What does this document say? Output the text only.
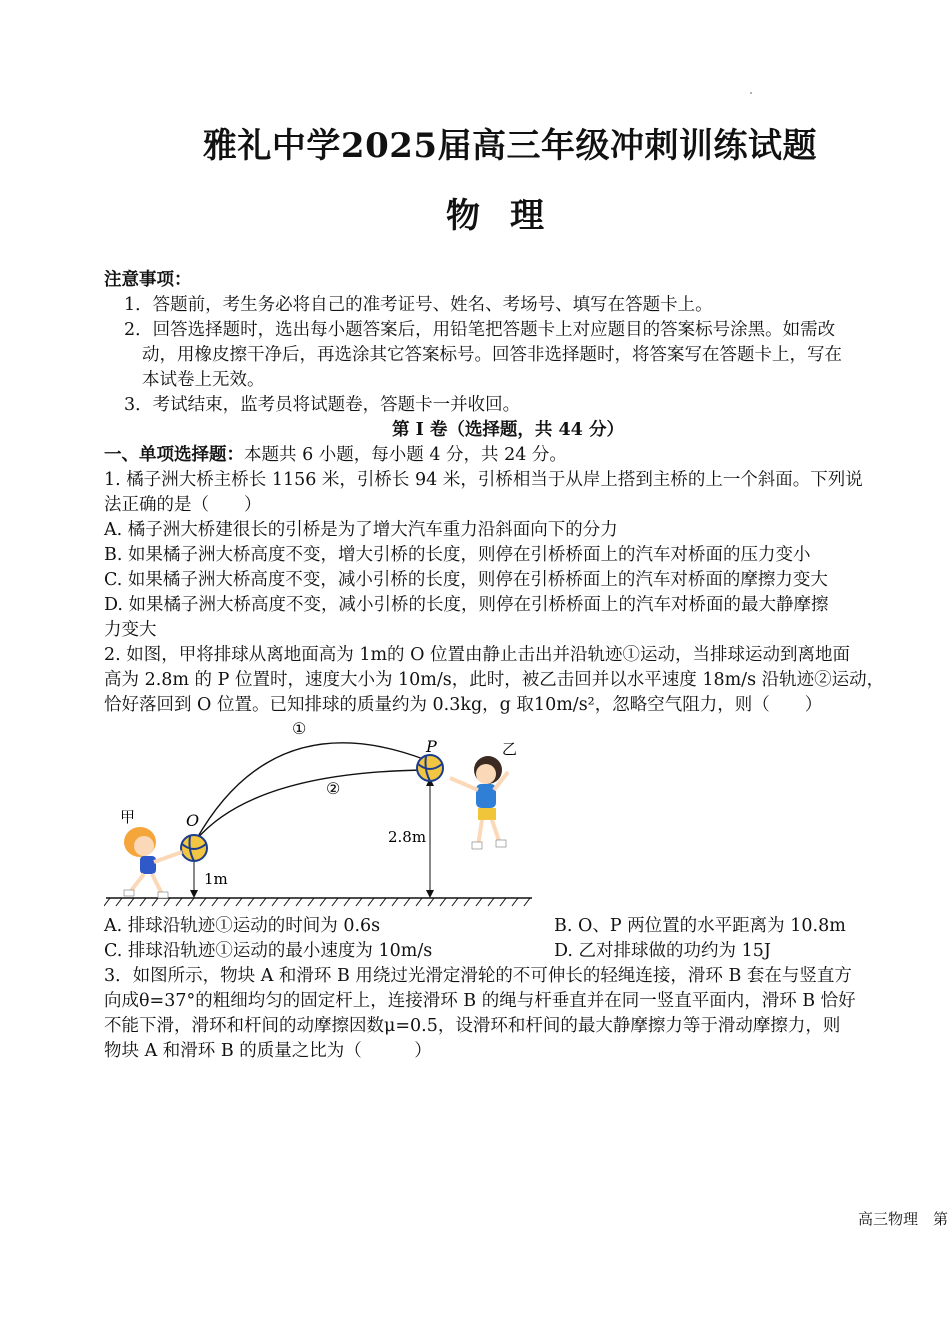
雅礼中学2025届高三年级冲刺训练试题
物理

注意事项：

1．答题前，考生务必将自己的准考证号、姓名、考场号、填写在答题卡上。

2．回答选择题时，选出每小题答案后，用铅笔把答题卡上对应题目的答案标号涂黑。如需改

动，用橡皮擦干净后，再选涂其它答案标号。回答非选择题时，将答案写在答题卡上，写在

本试卷上无效。

3．考试结束，监考员将试题卷，答题卡一并收回。

第 I 卷（选择题，共 44 分）

一、单项选择题：本题共 6 小题，每小题 4 分，共 24 分。

1. 橘子洲大桥主桥长 1156 米，引桥长 94 米，引桥相当于从岸上搭到主桥的上一个斜面。下列说

法正确的是（　　）

A. 橘子洲大桥建很长的引桥是为了增大汽车重力沿斜面向下的分力

B. 如果橘子洲大桥高度不变，增大引桥的长度，则停在引桥桥面上的汽车对桥面的压力变小

C. 如果橘子洲大桥高度不变，减小引桥的长度，则停在引桥桥面上的汽车对桥面的摩擦力变大

D. 如果橘子洲大桥高度不变，减小引桥的长度，则停在引桥桥面上的汽车对桥面的最大静摩擦

力变大

2. 如图，甲将排球从离地面高为 1m的 O 位置由静止击出并沿轨迹①运动，当排球运动到离地面

高为 2.8m 的 P 位置时，速度大小为 10m/s，此时，被乙击回并以水平速度 18m/s 沿轨迹②运动，

恰好落回到 O 位置。已知排球的质量约为 0.3kg，g 取10m/s²，忽略空气阻力，则（　　）

①
②
P
O
甲
乙
2.8m
1m
A. 排球沿轨迹①运动的时间为 0.6s	B. O、P 两位置的水平距离为 10.8m
C. 排球沿轨迹①运动的最小速度为 10m/s	D. 乙对排球做的功约为 15J

3．如图所示，物块 A 和滑环 B 用绕过光滑定滑轮的不可伸长的轻绳连接，滑环 B 套在与竖直方

向成θ=37°的粗细均匀的固定杆上，连接滑环 B 的绳与杆垂直并在同一竖直平面内，滑环 B 恰好

不能下滑，滑环和杆间的动摩擦因数μ=0.5，设滑环和杆间的最大静摩擦力等于滑动摩擦力，则

物块 A 和滑环 B 的质量之比为（　　　）

高三物理　第
